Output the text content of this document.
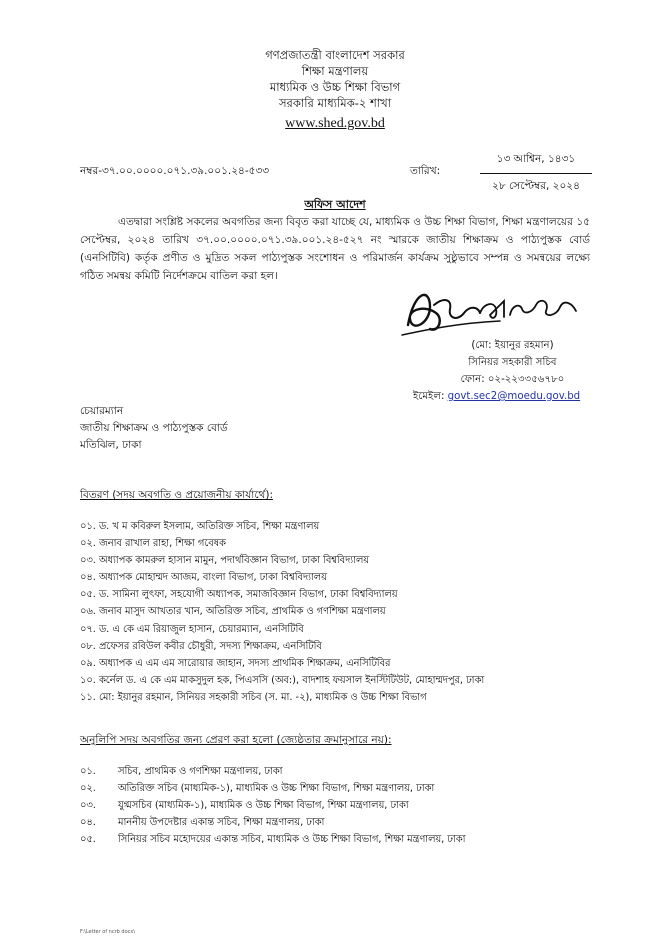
গণপ্রজাতন্ত্রী বাংলাদেশ সরকার
শিক্ষা মন্ত্রণালয়
মাধ্যমিক ও উচ্চ শিক্ষা বিভাগ
সরকারি মাধ্যমিক-২ শাখা
www.shed.gov.bd
নম্বর-৩৭.০০.০০০০.০৭১.৩৯.০০১.২৪-৫৩৩	তারিখ:
১৩ আশ্বিন, ১৪৩১
২৮ সেপ্টেম্বর, ২০২৪
অফিস আদেশ
এতদ্বারা সংশ্লিষ্ট সকলের অবগতির জন্য বিবৃত করা যাচ্ছে যে, মাধ্যমিক ও উচ্চ শিক্ষা বিভাগ, শিক্ষা মন্ত্রণালয়ের ১৫ সেপ্টেম্বর, ২০২৪ তারিখ ৩৭.০০.০০০০.০৭১.৩৯.০০১.২৪-৫২৭ নং স্মারকে জাতীয় শিক্ষাক্রম ও পাঠ্যপুস্তক বোর্ড (এনসিটিবি) কর্তৃক প্রণীত ও মুদ্রিত সকল পাঠ্যপুস্তক সংশোধন ও পরিমার্জন কার্যক্রম সুষ্ঠুভাবে সম্পন্ন ও সমন্বয়ের লক্ষ্যে গঠিত সমন্বয় কমিটি নির্দেশক্রমে বাতিল করা হল।
(মো: ইয়ানুর রহমান)
সিনিয়র সহকারী সচিব
ফোন: ০২-২২৩৩৫৬৭৮০
ইমেইল: govt.sec2@moedu.gov.bd
চেয়ারম্যান
জাতীয় শিক্ষাক্রম ও পাঠ্যপুস্তক বোর্ড
মতিঝিল, ঢাকা
বিতরণ (সদয় অবগতি ও প্রয়োজনীয় কার্যার্থে):
০১. ড. খ ম কবিরুল ইসলাম, অতিরিক্ত সচিব, শিক্ষা মন্ত্রণালয়
০২. জনাব রাখাল রাহা, শিক্ষা গবেষক
০৩. অধ্যাপক কামরুল হাসান মামুন, পদার্থবিজ্ঞান বিভাগ, ঢাকা বিশ্ববিদ্যালয়
০৪. অধ্যাপক মোহাম্মদ আজম, বাংলা বিভাগ, ঢাকা বিশ্ববিদ্যালয়
০৫. ড. সামিনা লুৎফা, সহযোগী অধ্যাপক, সমাজবিজ্ঞান বিভাগ, ঢাকা বিশ্ববিদ্যালয়
০৬. জনাব মাসুদ আখতার খান, অতিরিক্ত সচিব, প্রাথমিক ও গণশিক্ষা মন্ত্রণালয়
০৭. ড. এ কে এম রিয়াজুল হাসান, চেয়ারম্যান, এনসিটিবি
০৮. প্রফেসর রবিউল কবীর চৌধুরী, সদস্য শিক্ষাক্রম, এনসিটিবি
০৯. অধ্যাপক এ এম এম সারোয়ার জাহান, সদস্য প্রাথমিক শিক্ষাক্রম, এনসিটিবির
১০. কর্নেল ড. এ কে এম মাকসুদুল হক, পিএসসি (অব:), বাদশাহ ফয়সাল ইনস্টিটিউট, মোহাম্মদপুর, ঢাকা
১১. মো: ইয়ানুর রহমান, সিনিয়র সহকারী সচিব (স. মা. -২), মাধ্যমিক ও উচ্চ শিক্ষা বিভাগ
অনুলিপি সদয় অবগতির জন্য প্রেরণ করা হলো (জ্যেষ্ঠতার ক্রমানুসারে নয়):
০১. সচিব, প্রাথমিক ও গণশিক্ষা মন্ত্রণালয়, ঢাকা
০২. অতিরিক্ত সচিব (মাধ্যমিক-১), মাধ্যমিক ও উচ্চ শিক্ষা বিভাগ, শিক্ষা মন্ত্রণালয়, ঢাকা
০৩. যুগ্মসচিব (মাধ্যমিক-১), মাধ্যমিক ও উচ্চ শিক্ষা বিভাগ, শিক্ষা মন্ত্রণালয়, ঢাকা
০৪. মাননীয় উপদেষ্টার একান্ত সচিব, শিক্ষা মন্ত্রণালয়, ঢাকা
০৫. সিনিয়র সচিব মহোদয়ের একান্ত সচিব, মাধ্যমিক ও উচ্চ শিক্ষা বিভাগ, শিক্ষা মন্ত্রণালয়, ঢাকা
F:\Letter of ncrb docx\
